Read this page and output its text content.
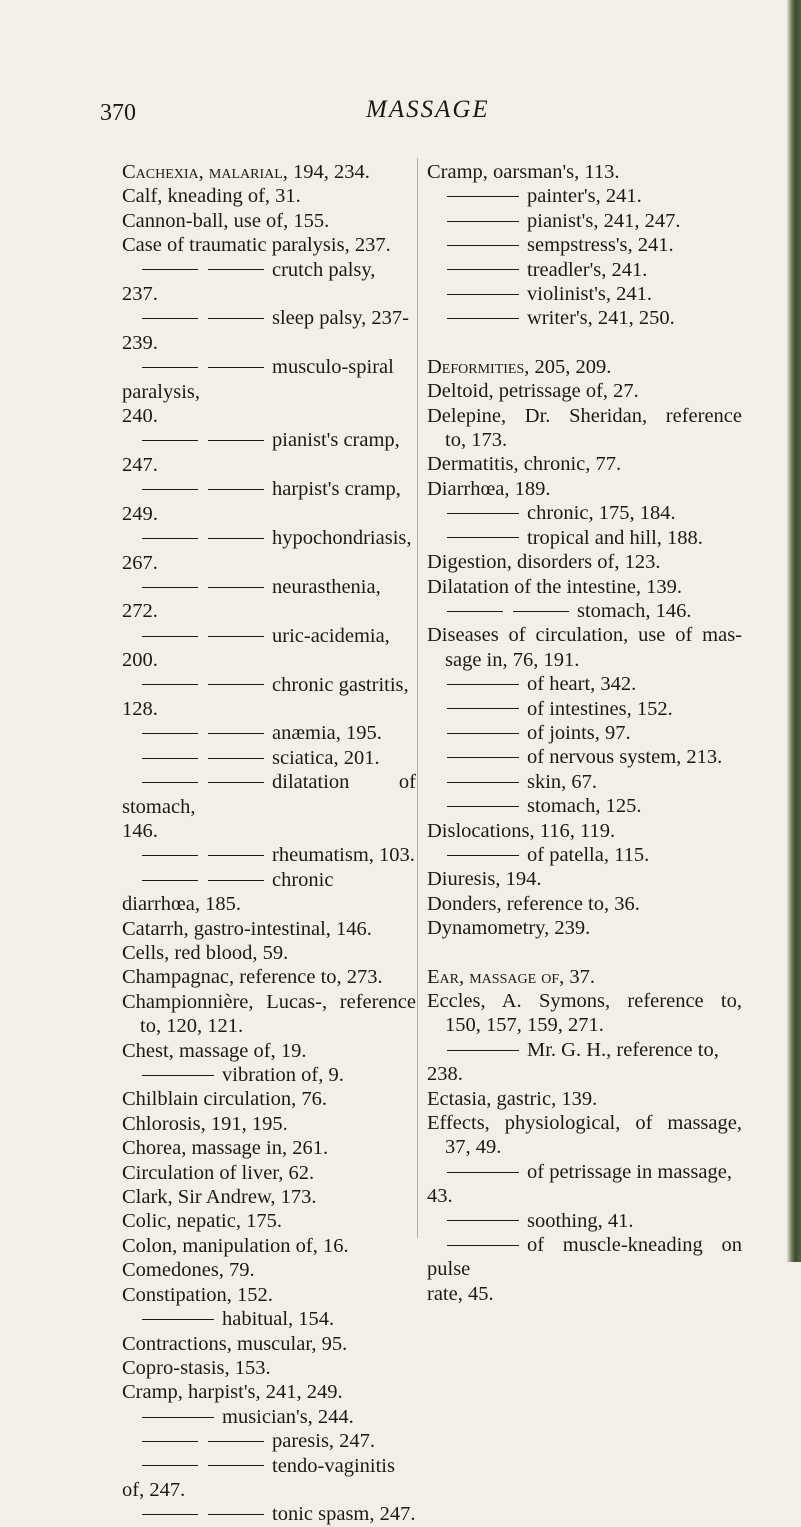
370	MASSAGE
Cachexia, malarial, 194, 234.
Calf, kneading of, 31.
Cannon-ball, use of, 155.
Case of traumatic paralysis, 237.
crutch palsy, 237.
sleep palsy, 237-239.
musculo-spiral paralysis,
240.
pianist's cramp, 247.
harpist's cramp, 249.
hypochondriasis, 267.
neurasthenia, 272.
uric-acidemia, 200.
chronic gastritis, 128.
anæmia, 195.
sciatica, 201.
dilatation of stomach,
146.
rheumatism, 103.
chronic diarrhœa, 185.
Catarrh, gastro-intestinal, 146.
Cells, red blood, 59.
Champagnac, reference to, 273.
Championnière, Lucas-, reference
to, 120, 121.
Chest, massage of, 19.
vibration of, 9.
Chilblain circulation, 76.
Chlorosis, 191, 195.
Chorea, massage in, 261.
Circulation of liver, 62.
Clark, Sir Andrew, 173.
Colic, nepatic, 175.
Colon, manipulation of, 16.
Comedones, 79.
Constipation, 152.
habitual, 154.
Contractions, muscular, 95.
Copro-stasis, 153.
Cramp, harpist's, 241, 249.
musician's, 244.
paresis, 247.
tendo-vaginitis of, 247.
tonic spasm, 247.
Cramp, oarsman's, 113.
painter's, 241.
pianist's, 241, 247.
sempstress's, 241.
treadler's, 241.
violinist's, 241.
writer's, 241, 250.
Deformities, 205, 209.
Deltoid, petrissage of, 27.
Delepine, Dr. Sheridan, reference
to, 173.
Dermatitis, chronic, 77.
Diarrhœa, 189.
chronic, 175, 184.
tropical and hill, 188.
Digestion, disorders of, 123.
Dilatation of the intestine, 139.
stomach, 146.
Diseases of circulation, use of mas-
sage in, 76, 191.
of heart, 342.
of intestines, 152.
of joints, 97.
of nervous system, 213.
skin, 67.
stomach, 125.
Dislocations, 116, 119.
of patella, 115.
Diuresis, 194.
Donders, reference to, 36.
Dynamometry, 239.
Ear, massage of, 37.
Eccles, A. Symons, reference to,
150, 157, 159, 271.
Mr. G. H., reference to, 238.
Ectasia, gastric, 139.
Effects, physiological, of massage,
37, 49.
of petrissage in massage, 43.
soothing, 41.
of muscle-kneading on pulse
rate, 45.
